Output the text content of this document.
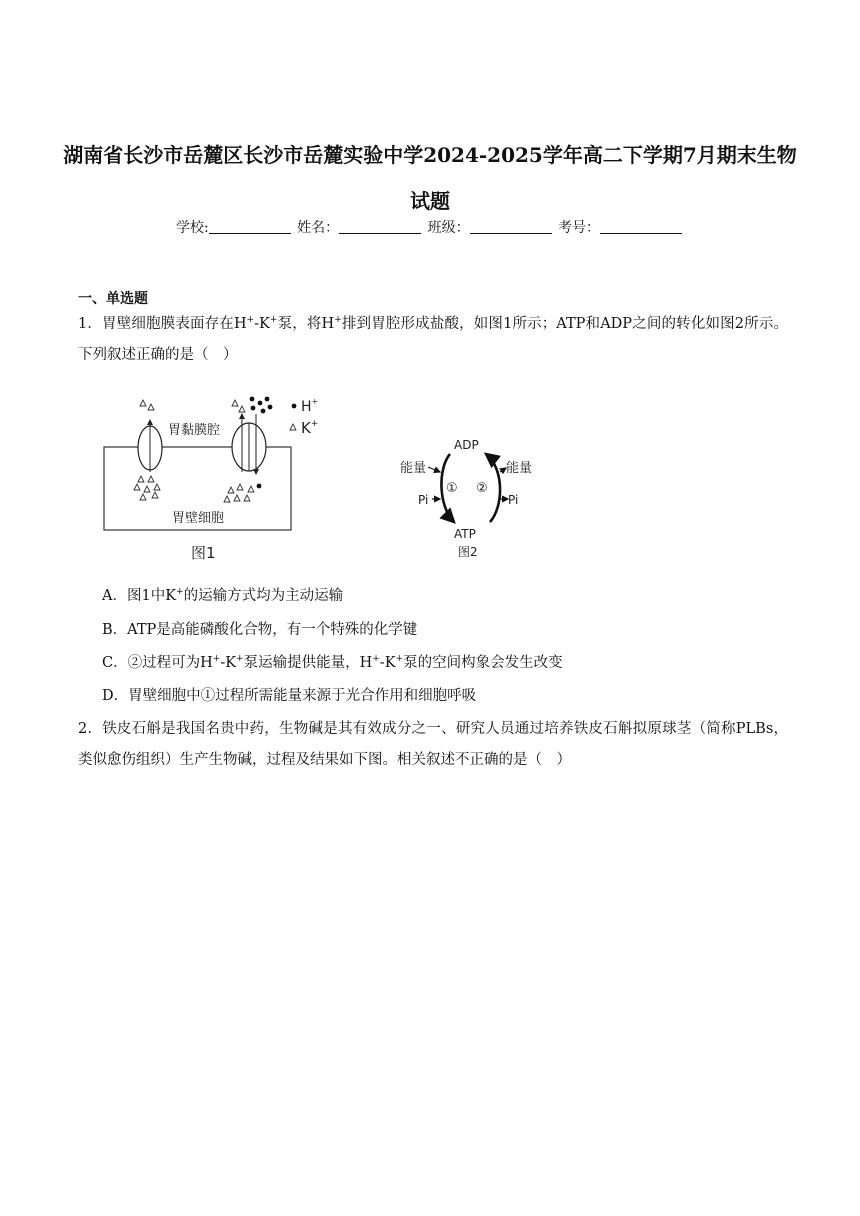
湖南省长沙市岳麓区长沙市岳麓实验中学2024-2025学年高二下学期7月期末生物试题
学校:	姓名：	班级：	考号：
一、单选题
1．胃壁细胞膜表面存在H+-K+泵，将H+排到胃腔形成盐酸，如图1所示；ATP和ADP之间的转化如图2所示。下列叙述正确的是（　）
胃黏膜腔
胃壁细胞
图1
H+
K+
ADP
ATP
能量	能量
Pi	Pi
① ②
图2
A．图1中K+的运输方式均为主动运输
B．ATP是高能磷酸化合物，有一个特殊的化学键
C．②过程可为H+-K+泵运输提供能量，H+-K+泵的空间构象会发生改变
D．胃壁细胞中①过程所需能量来源于光合作用和细胞呼吸
2．铁皮石斛是我国名贵中药，生物碱是其有效成分之一、研究人员通过培养铁皮石斛拟原球茎（简称PLBs，类似愈伤组织）生产生物碱，过程及结果如下图。相关叙述不正确的是（　）
